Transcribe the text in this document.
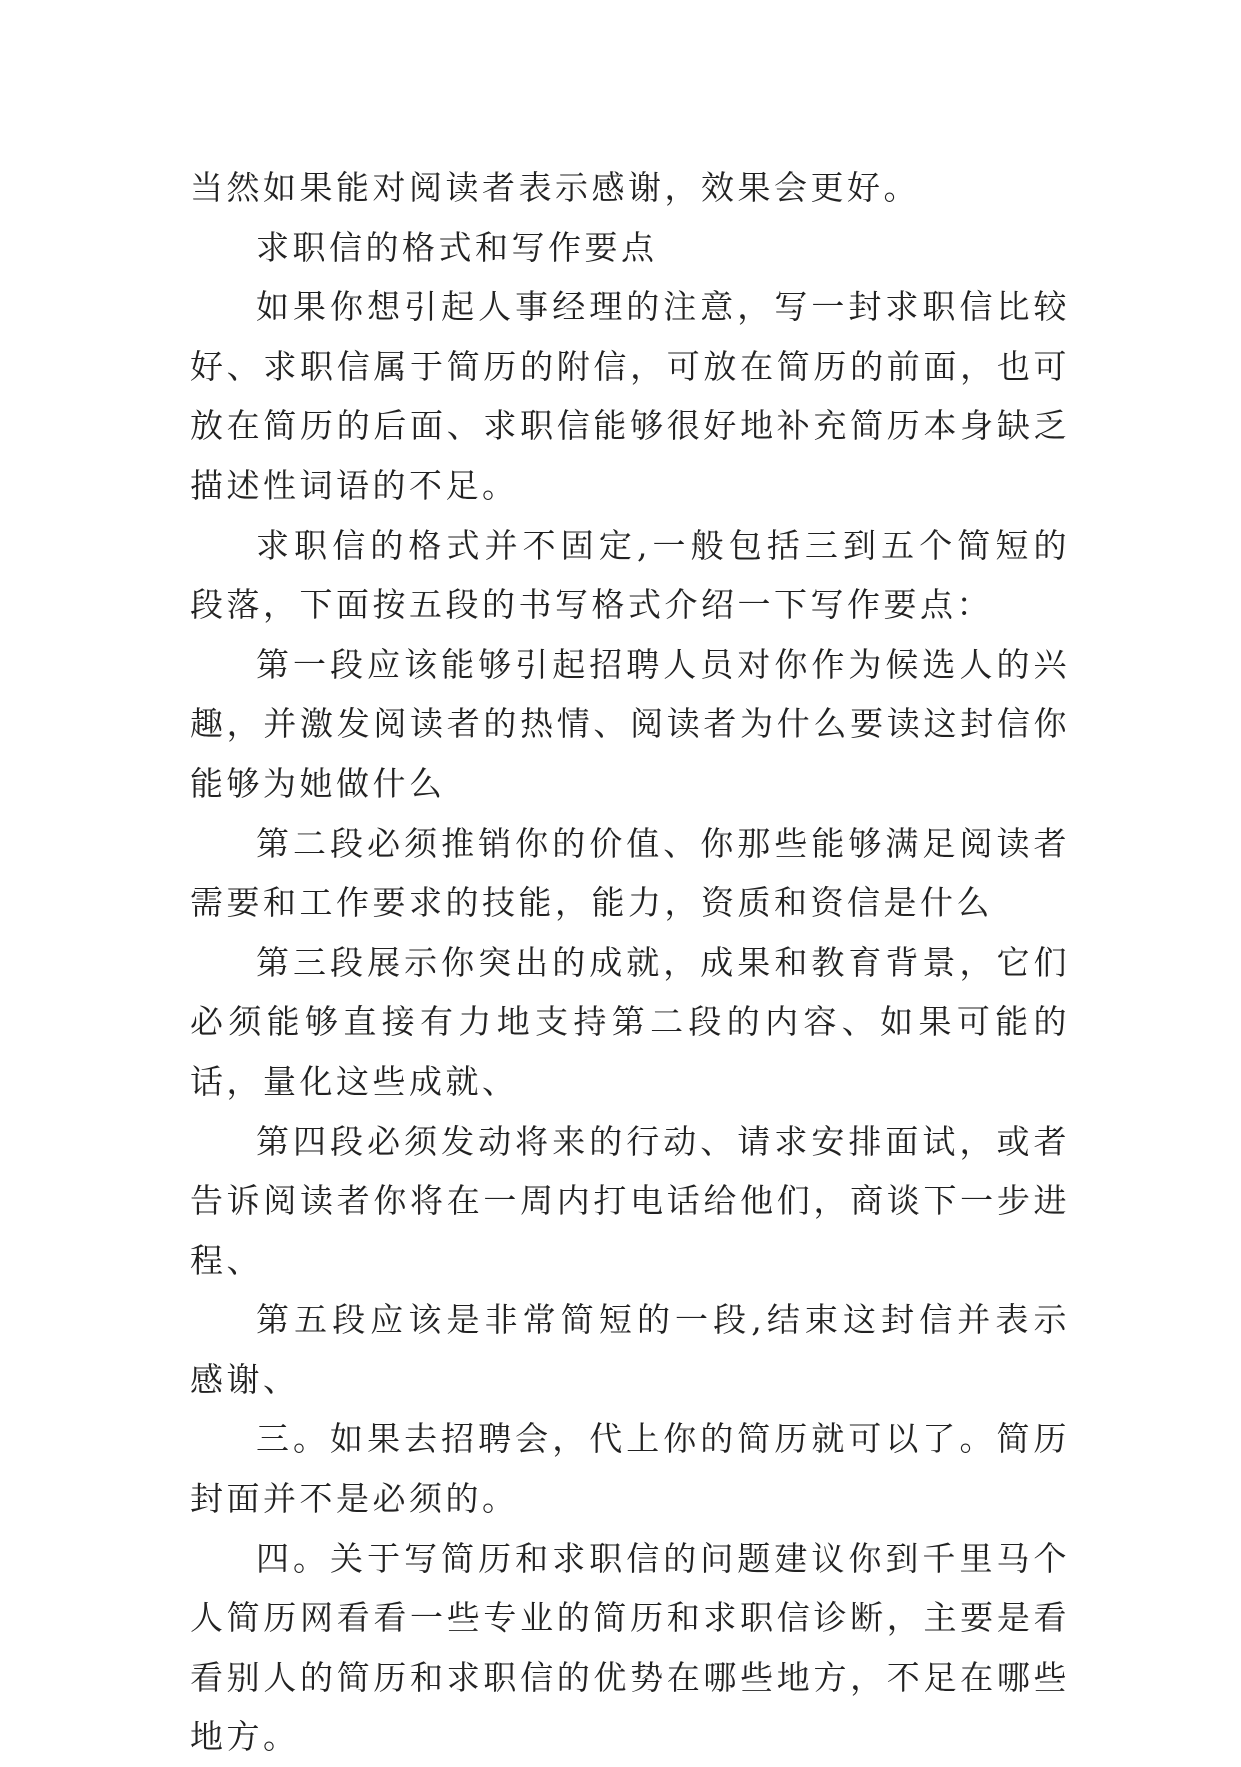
当然如果能对阅读者表示感谢，效果会更好。

求职信的格式和写作要点

如果你想引起人事经理的注意，写一封求职信比较好、求职信属于简历的附信，可放在简历的前面，也可放在简历的后面、求职信能够很好地补充简历本身缺乏描述性词语的不足。

求职信的格式并不固定,一般包括三到五个简短的段落，下面按五段的书写格式介绍一下写作要点：

第一段应该能够引起招聘人员对你作为候选人的兴趣，并激发阅读者的热情、阅读者为什么要读这封信你能够为她做什么

第二段必须推销你的价值、你那些能够满足阅读者需要和工作要求的技能，能力，资质和资信是什么

第三段展示你突出的成就，成果和教育背景，它们必须能够直接有力地支持第二段的内容、如果可能的话，量化这些成就、

第四段必须发动将来的行动、请求安排面试，或者告诉阅读者你将在一周内打电话给他们，商谈下一步进程、

第五段应该是非常简短的一段,结束这封信并表示感谢、

三。如果去招聘会，代上你的简历就可以了。简历封面并不是必须的。

四。关于写简历和求职信的问题建议你到千里马个人简历网看看一些专业的简历和求职信诊断，主要是看看别人的简历和求职信的优势在哪些地方，不足在哪些地方。
